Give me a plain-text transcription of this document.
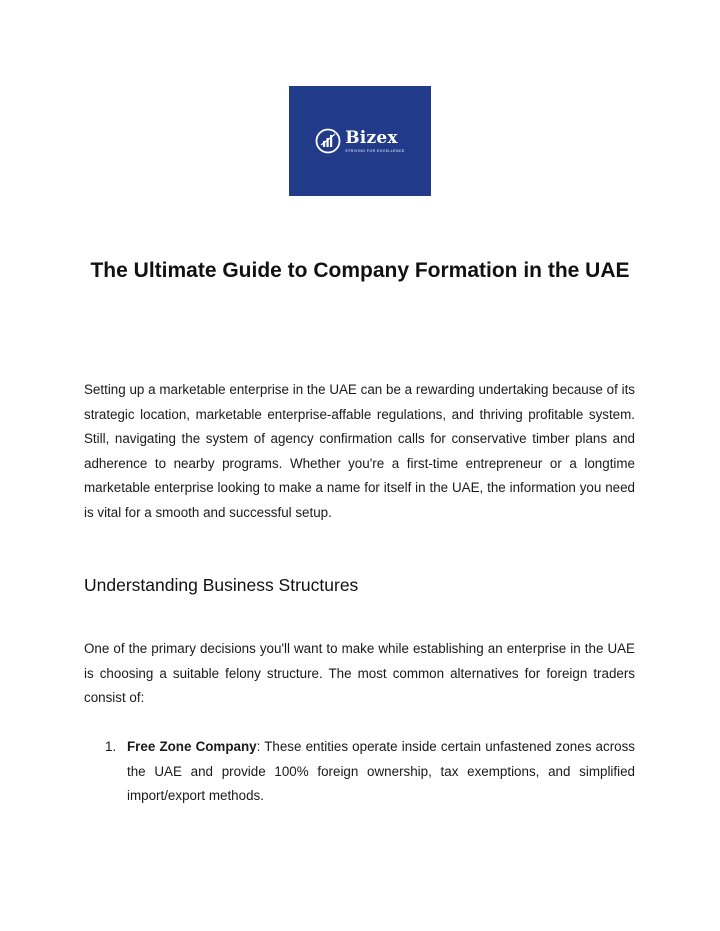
Bizex
STRIVING FOR EXCELLENCE
The Ultimate Guide to Company Formation in the UAE

Setting up a marketable enterprise in the UAE can be a rewarding undertaking because of its strategic location, marketable enterprise-affable regulations, and thriving profitable system. Still, navigating the system of agency confirmation calls for conservative timber plans and adherence to nearby programs. Whether you're a first-time entrepreneur or a longtime marketable enterprise looking to make a name for itself in the UAE, the information you need is vital for a smooth and successful setup.

Understanding Business Structures

One of the primary decisions you'll want to make while establishing an enterprise in the UAE is choosing a suitable felony structure. The most common alternatives for foreign traders consist of:

1. Free Zone Company: These entities operate inside certain unfastened zones across the UAE and provide 100% foreign ownership, tax exemptions, and simplified import/export methods.
